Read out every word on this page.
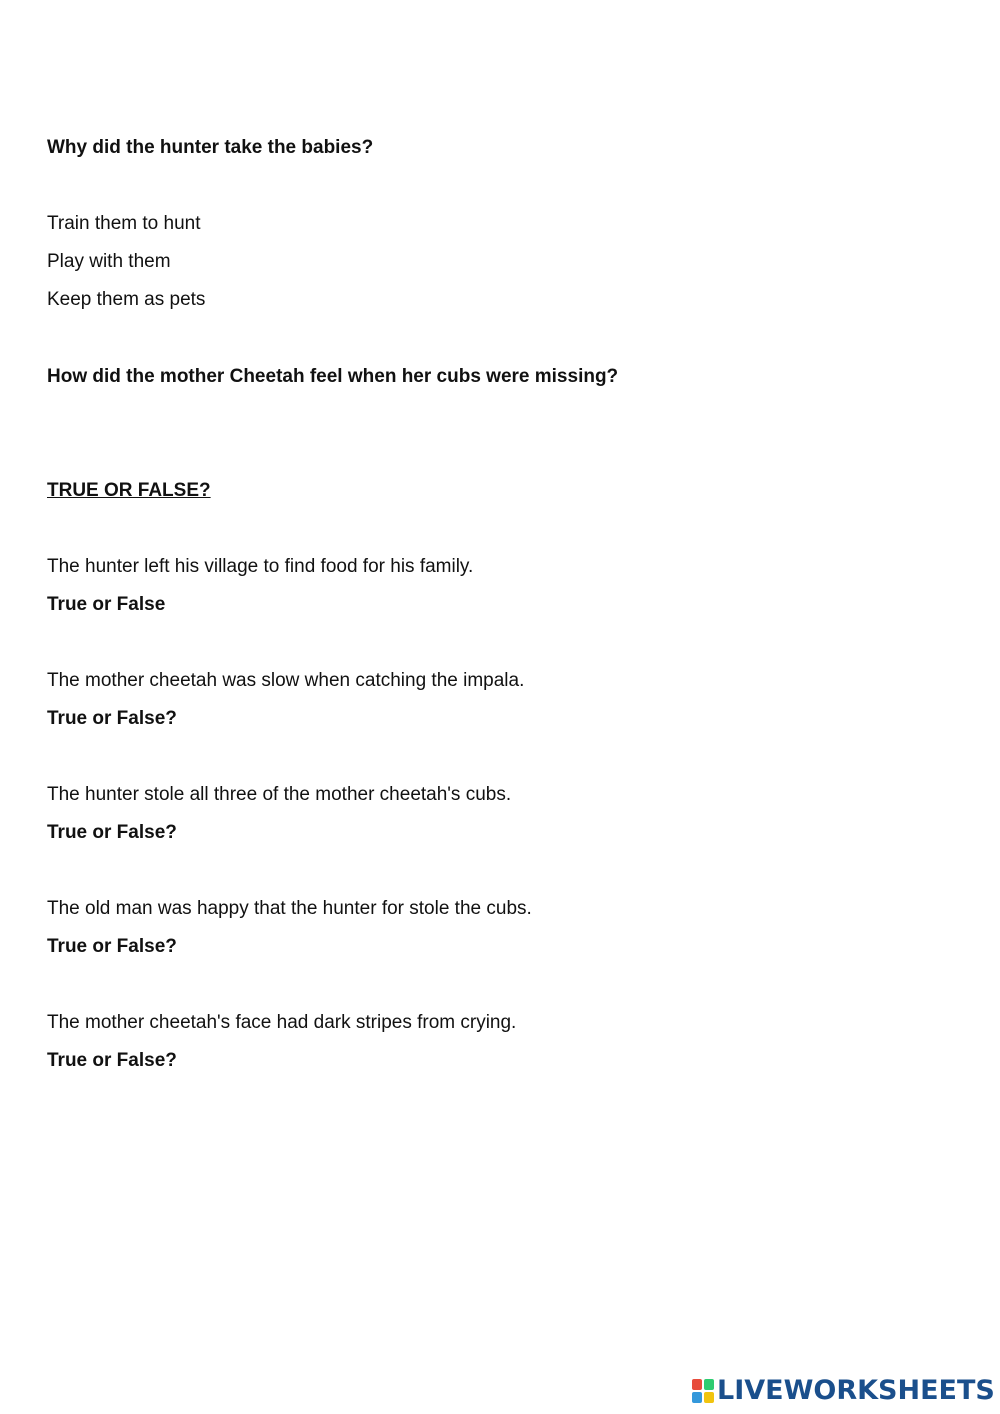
Why did the hunter take the babies?
Train them to hunt
Play with them
Keep them as pets
How did the mother Cheetah feel when her cubs were missing?
TRUE OR FALSE?
The hunter left his village to find food for his family.
True or False
The mother cheetah was slow when catching the impala.
True or False?
The hunter stole all three of the mother cheetah's cubs.
True or False?
The old man was happy that the hunter for stole the cubs.
True or False?
The mother cheetah's face had dark stripes from crying.
True or False?
LIVEWORKSHEETS
